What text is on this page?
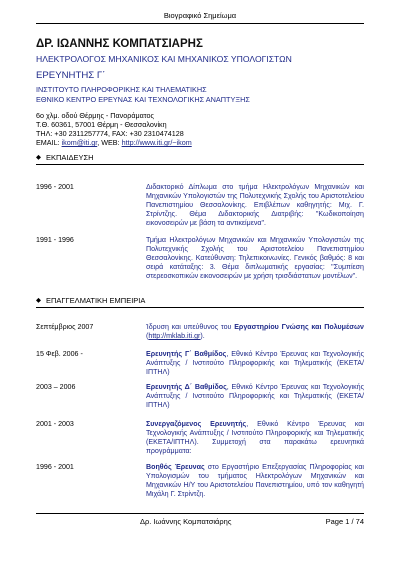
Βιογραφικό Σημείωμα
ΔΡ. ΙΩΑΝΝΗΣ ΚΟΜΠΑΤΣΙΑΡΗΣ
ΗΛΕΚΤΡΟΛΟΓΟΣ ΜΗΧΑΝΙΚΟΣ ΚΑΙ ΜΗΧΑΝΙΚΟΣ ΥΠΟΛΟΓΙΣΤΩΝ
ΕΡΕΥΝΗΤΗΣ Γ΄
ΙΝΣΤΙΤΟΥΤΟ ΠΛΗΡΟΦΟΡΙΚΗΣ ΚΑΙ ΤΗΛΕΜΑΤΙΚΗΣ
ΕΘΝΙΚΟ ΚΕΝΤΡΟ ΕΡΕΥΝΑΣ ΚΑΙ ΤΕΧΝΟΛΟΓΙΚΗΣ ΑΝΑΠΤΥΞΗΣ
6ο χλμ. οδού Θέρμης - Πανοράματος
Τ.Θ. 60361, 57001 Θέρμη - Θεσσαλονίκη
ΤΗΛ: +30 2311257774, FAX: +30 2310474128
EMAIL: ikom@iti.gr, WEB: http://www.iti.gr/~ikom
◆ ΕΚΠΑΙΔΕΥΣΗ
1996 - 2001	Διδακτορικό Δίπλωμα στο τμήμα Ηλεκτρολόγων Μηχανικών και Μηχανικών Υπολογιστών της Πολυτεχνικής Σχολής του Αριστοτελείου Πανεπιστημίου Θεσσαλονίκης. Επιβλέπων καθηγητής: Μιχ. Γ. Στρίντζης. Θέμα Διδακτορικής Διατριβής: "Κωδικοποίηση εικονοσειρών με βάση τα αντικείμενα".
1991 - 1996	Τμήμα Ηλεκτρολόγων Μηχανικών και Μηχανικών Υπολογιστών της Πολυτεχνικής Σχολής του Αριστοτελείου Πανεπιστημίου Θεσσαλονίκης. Κατεύθυνση: Τηλεπικοινωνίες. Γενικός βαθμός: 8 και σειρά κατάταξης: 3. Θέμα διπλωματικής εργασίας: "Συμπίεση στερεοσκοπικών εικονοσειρών με χρήση τρισδιάστατων μοντέλων".
◆ ΕΠΑΓΓΕΛΜΑΤΙΚΗ ΕΜΠΕΙΡΙΑ
Σεπτέμβριος 2007	Ίδρυση και υπεύθυνος του Εργαστηρίου Γνώσης και Πολυμέσων (http://mklab.iti.gr).
15 Φεβ. 2006 -	Ερευνητής Γ΄ Βαθμίδος, Εθνικό Κέντρο Έρευνας και Τεχνολογικής Ανάπτυξης / Ινστιτούτο Πληροφορικής και Τηλεματικής (ΕΚΕΤΑ/ΙΠΤΗΛ)
2003 – 2006	Ερευνητής Δ΄ Βαθμίδος, Εθνικό Κέντρο Έρευνας και Τεχνολογικής Ανάπτυξης / Ινστιτούτο Πληροφορικής και Τηλεματικής (ΕΚΕΤΑ/ΙΠΤΗΛ)
2001 - 2003	Συνεργαζόμενος Ερευνητής, Εθνικό Κέντρο Έρευνας και Τεχνολογικής Ανάπτυξης / Ινστιτούτο Πληροφορικής και Τηλεματικής (ΕΚΕΤΑ/ΙΠΤΗΛ). Συμμετοχή στα παρακάτω ερευνητικά προγράμματα:
1996 - 2001	Βοηθός Έρευνας στο Εργαστήριο Επεξεργασίας Πληροφορίας και Υπολογισμών του τμήματος Ηλεκτρολόγων Μηχανικών και Μηχανικών Η/Υ του Αριστοτελείου Πανεπιστημίου, υπό τον καθηγητή Μιχάλη Γ. Στρίντζη.
Δρ. Ιωάννης Κομπατσιάρης	Page 1 / 74
